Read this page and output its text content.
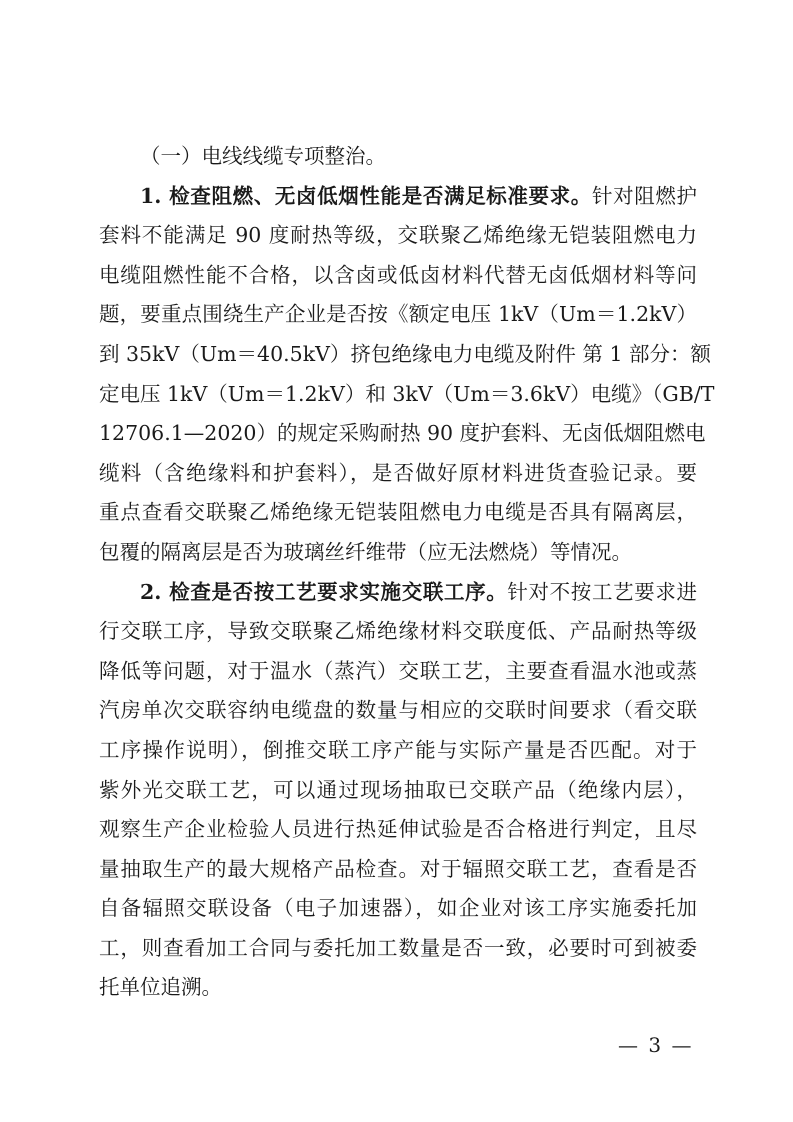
（一）电线线缆专项整治。
1. 检查阻燃、无卤低烟性能是否满足标准要求。针对阻燃护
套料不能满足 90 度耐热等级，交联聚乙烯绝缘无铠装阻燃电力
电缆阻燃性能不合格，以含卤或低卤材料代替无卤低烟材料等问
题，要重点围绕生产企业是否按《额定电压 1kV（Um＝1.2kV）
到 35kV（Um＝40.5kV）挤包绝缘电力电缆及附件 第 1 部分：额
定电压 1kV（Um＝1.2kV）和 3kV（Um＝3.6kV）电缆》（GB/T
12706.1—2020）的规定采购耐热 90 度护套料、无卤低烟阻燃电
缆料（含绝缘料和护套料），是否做好原材料进货查验记录。要
重点查看交联聚乙烯绝缘无铠装阻燃电力电缆是否具有隔离层，
包覆的隔离层是否为玻璃丝纤维带（应无法燃烧）等情况。
2. 检查是否按工艺要求实施交联工序。针对不按工艺要求进
行交联工序，导致交联聚乙烯绝缘材料交联度低、产品耐热等级
降低等问题，对于温水（蒸汽）交联工艺，主要查看温水池或蒸
汽房单次交联容纳电缆盘的数量与相应的交联时间要求（看交联
工序操作说明），倒推交联工序产能与实际产量是否匹配。对于
紫外光交联工艺，可以通过现场抽取已交联产品（绝缘内层），
观察生产企业检验人员进行热延伸试验是否合格进行判定，且尽
量抽取生产的最大规格产品检查。对于辐照交联工艺，查看是否
自备辐照交联设备（电子加速器），如企业对该工序实施委托加
工，则查看加工合同与委托加工数量是否一致，必要时可到被委
托单位追溯。
— 3 —
